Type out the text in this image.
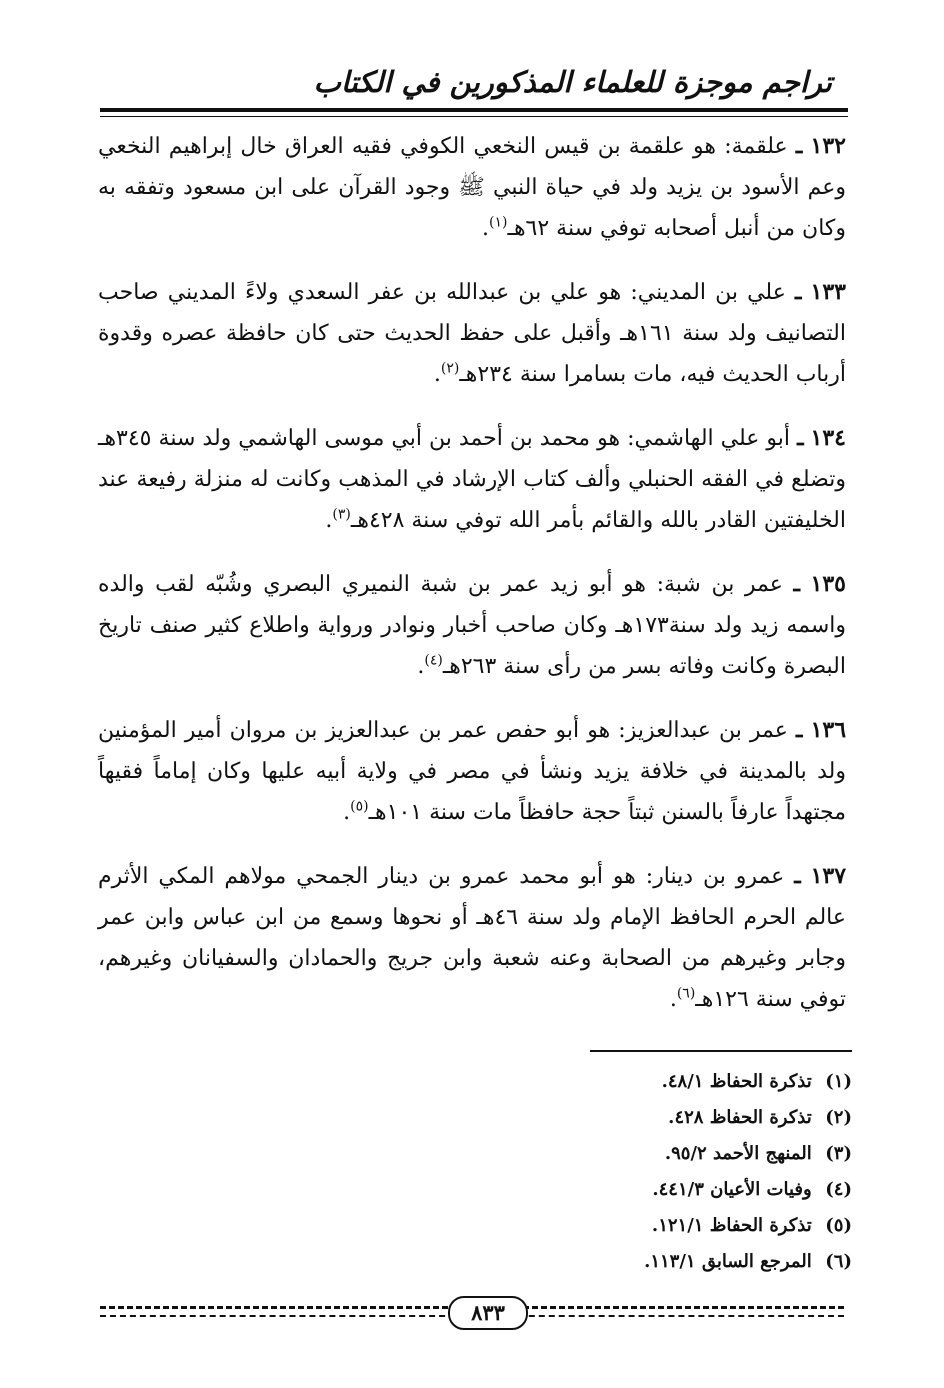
تراجم موجزة للعلماء المذكورين في الكتاب

١٣٢ ـ علقمة: هو علقمة بن قيس النخعي الكوفي فقيه العراق خال إبراهيم النخعي وعم الأسود بن يزيد ولد في حياة النبي ﷺ وجود القرآن على ابن مسعود وتفقه به وكان من أنبل أصحابه توفي سنة ٦٢هـ$^{(١)}$.

١٣٣ ـ علي بن المديني: هو علي بن عبدالله بن عفر السعدي ولاءً المديني صاحب التصانيف ولد سنة ١٦١هـ وأقبل على حفظ الحديث حتى كان حافظة عصره وقدوة أرباب الحديث فيه، مات بسامرا سنة ٢٣٤هـ$^{(٢)}$.

١٣٤ ـ أبو علي الهاشمي: هو محمد بن أحمد بن أبي موسى الهاشمي ولد سنة ٣٤٥هـ وتضلع في الفقه الحنبلي وألف كتاب الإرشاد في المذهب وكانت له منزلة رفيعة عند الخليفتين القادر بالله والقائم بأمر الله توفي سنة ٤٢٨هـ$^{(٣)}$.

١٣٥ ـ عمر بن شبة: هو أبو زيد عمر بن شبة النميري البصري وشُبّه لقب والده واسمه زيد ولد سنة١٧٣هـ وكان صاحب أخبار ونوادر ورواية واطلاع كثير صنف تاريخ البصرة وكانت وفاته بسر من رأى سنة ٢٦٣هـ$^{(٤)}$.

١٣٦ ـ عمر بن عبدالعزيز: هو أبو حفص عمر بن عبدالعزيز بن مروان أمير المؤمنين ولد بالمدينة في خلافة يزيد ونشأ في مصر في ولاية أبيه عليها وكان إماماً فقيهاً مجتهداً عارفاً بالسنن ثبتاً حجة حافظاً مات سنة ١٠١هـ$^{(٥)}$.

١٣٧ ـ عمرو بن دينار: هو أبو محمد عمرو بن دينار الجمحي مولاهم المكي الأثرم عالم الحرم الحافظ الإمام ولد سنة ٤٦هـ أو نحوها وسمع من ابن عباس وابن عمر وجابر وغيرهم من الصحابة وعنه شعبة وابن جريج والحمادان والسفيانان وغيرهم، توفي سنة ١٢٦هـ$^{(٦)}$.

(١) تذكرة الحفاظ ٤٨/١.
(٢) تذكرة الحفاظ ٤٢٨.
(٣) المنهج الأحمد ٩٥/٢.
(٤) وفيات الأعيان ٤٤١/٣.
(٥) تذكرة الحفاظ ١٢١/١.
(٦) المرجع السابق ١١٣/١.
٨٣٣
